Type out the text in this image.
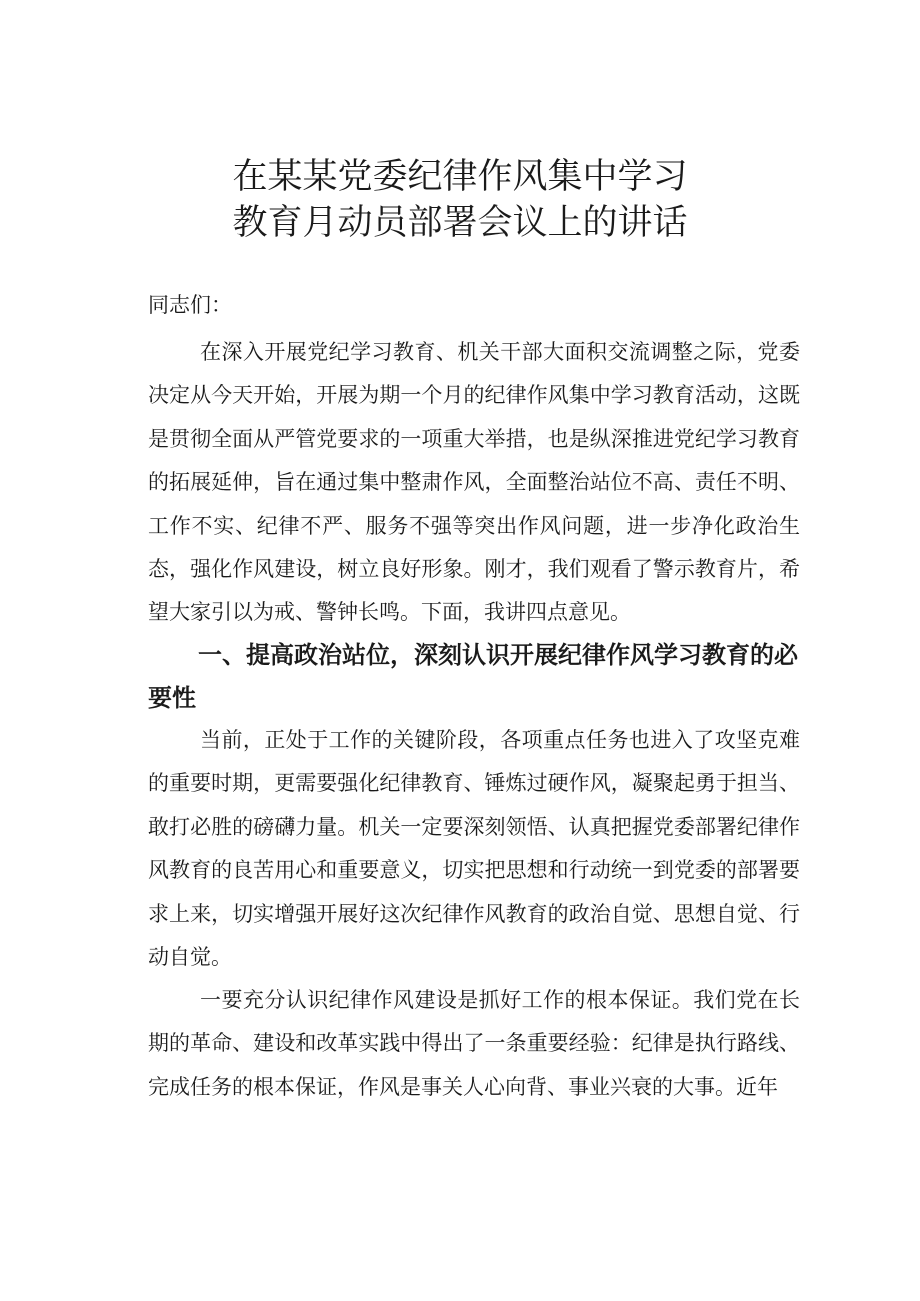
在某某党委纪律作风集中学习
教育月动员部署会议上的讲话

同志们：

在深入开展党纪学习教育、机关干部大面积交流调整之际，党委决定从今天开始，开展为期一个月的纪律作风集中学习教育活动，这既是贯彻全面从严管党要求的一项重大举措，也是纵深推进党纪学习教育的拓展延伸，旨在通过集中整肃作风，全面整治站位不高、责任不明、工作不实、纪律不严、服务不强等突出作风问题，进一步净化政治生态，强化作风建设，树立良好形象。刚才，我们观看了警示教育片，希望大家引以为戒、警钟长鸣。下面，我讲四点意见。

一、提高政治站位，深刻认识开展纪律作风学习教育的必要性

当前，正处于工作的关键阶段，各项重点任务也进入了攻坚克难的重要时期，更需要强化纪律教育、锤炼过硬作风，凝聚起勇于担当、敢打必胜的磅礴力量。机关一定要深刻领悟、认真把握党委部署纪律作风教育的良苦用心和重要意义，切实把思想和行动统一到党委的部署要求上来，切实增强开展好这次纪律作风教育的政治自觉、思想自觉、行动自觉。

一要充分认识纪律作风建设是抓好工作的根本保证。我们党在长期的革命、建设和改革实践中得出了一条重要经验：纪律是执行路线、完成任务的根本保证，作风是事关人心向背、事业兴衰的大事。近年
